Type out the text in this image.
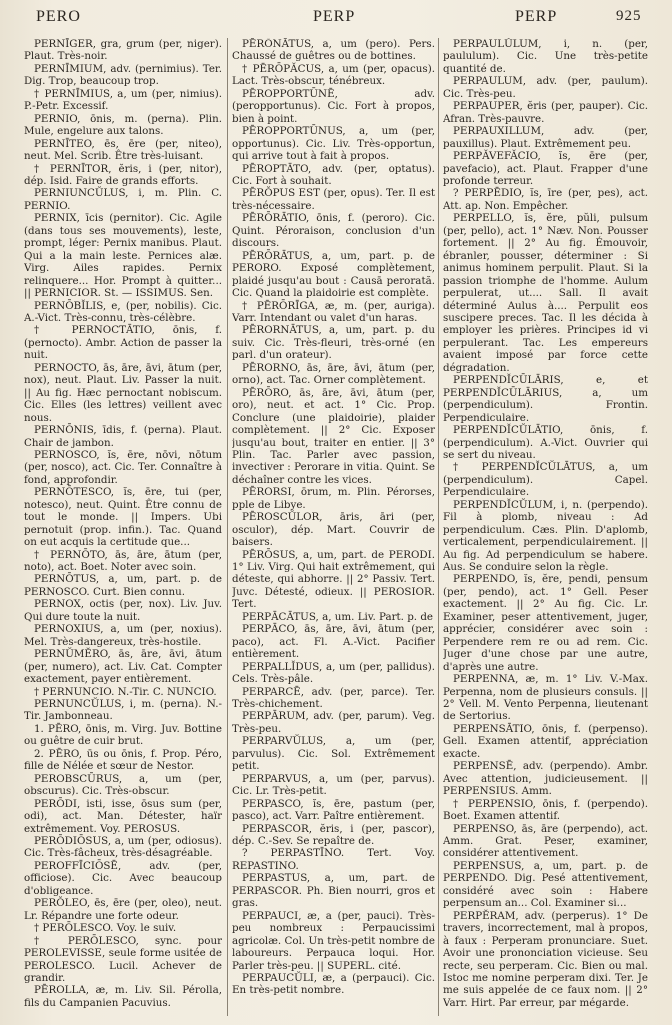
PERO	PERP	PERP	925

PERNĪGER, gra, grum (per, niger). Plaut. Très-noir.

PERNĪMIUM, adv. (pernimius). Ter. Dig. Trop, beaucoup trop.

† PERNĪMIUS, a, um (per, nimius). P.-Petr. Excessif.

PERNIO, ōnis, m. (perna). Plin. Mule, engelure aux talons.

PERNĪTEO, ēs, ēre (per, niteo), neut. Mel. Scrib. Être très-luisant.

† PERNĪTOR, ĕris, i (per, nitor), dép. Isid. Faire de grands efforts.

PERNIUNCŬLUS, i, m. Plin. C. PERNIO.

PERNIX, īcis (pernitor). Cic. Agile (dans tous ses mouvements), leste, prompt, léger: Pernix manibus. Plaut. Qui a la main leste. Pernices alæ. Virg. Ailes rapides. Pernix relinquere... Hor. Prompt à quitter... || PERNICIOR. St. — ISSIMUS. Sen.

PERNŌBĬLIS, e, (per, nobilis). Cic. A.-Vict. Très-connu, très-célèbre.

† PERNOCTĀTIO, ōnis, f. (pernocto). Ambr. Action de passer la nuit.

PERNOCTO, ās, āre, āvi, ātum (per, nox), neut. Plaut. Liv. Passer la nuit. || Au fig. Hæc pernoctant nobiscum. Cic. Elles (les lettres) veillent avec nous.

PERNŌNIS, īdis, f. (perna). Plaut. Chair de jambon.

PERNOSCO, ĭs, ēre, nōvi, nōtum (per, nosco), act. Cic. Ter. Connaître à fond, approfondir.

PERNŌTESCO, ĭs, ēre, tui (per, notesco), neut. Quint. Être connu de tout le monde. || Impers. Ubi pernotuit (prop. infin.). Tac. Quand on eut acquis la certitude que...

† PERNŌTO, ās, āre, ātum (per, noto), act. Boet. Noter avec soin.

PERNŌTUS, a, um, part. p. de PERNOSCO. Curt. Bien connu.

PERNOX, octis (per, nox). Liv. Juv. Qui dure toute la nuit.

PERNOXIUS, a, um (per, noxius). Mel. Très-dangereux, très-hostile.

PERNŬMĔRO, ās, āre, āvi, ātum (per, numero), act. Liv. Cat. Compter exactement, payer entièrement.

† PERNUNCIO. N.-Tir. C. NUNCIO.

PERNUNCŬLUS, i, m. (perna). N.-Tir. Jambonneau.

1. PĒRO, ōnis, m. Virg. Juv. Bottine ou guêtre de cuir brut.

2. PĒRO, ūs ou ōnis, f. Prop. Péro, fille de Nélée et sœur de Nestor.

PEROBSCŪRUS, a, um (per, obscurus). Cic. Très-obscur.

PERŌDI, isti, isse, ōsus sum (per, odi), act. Man. Détester, haïr extrêmement. Voy. PEROSUS.

PERŌDIŌSUS, a, um (per, odiosus). Cic. Très-fâcheux, très-désagréable.

PEROFFĪCIŌSĒ, adv. (per, officiose). Cic. Avec beaucoup d'obligeance.

PERŎLEO, ēs, ēre (per, oleo), neut. Lr. Répandre une forte odeur.

† PERŌLESCO. Voy. le suiv.

† PERŌLESCO, sync. pour PEROLEVISSE, seule forme usitée de PEROLESCO. Lucil. Achever de grandir.

PĒROLLA, æ, m. Liv. Sil. Pérolla, fils du Campanien Pacuvius.

PĒRŌNĀTUS, a, um (pero). Pers. Chaussé de guêtres ou de bottines.

† PĒRŌPĂCUS, a, um (per, opacus). Lact. Très-obscur, ténébreux.

PĒROPPORTŪNĒ, adv. (peropportunus). Cic. Fort à propos, bien à point.

PĒROPPORTŪNUS, a, um (per, opportunus). Cic. Liv. Très-opportun, qui arrive tout à fait à propos.

PĒROPTĀTO, adv. (per, optatus). Cic. Fort à souhait.

PĒRŎPUS EST (per, opus). Ter. Il est très-nécessaire.

PĒRŌRĀTIO, ōnis, f. (peroro). Cic. Quint. Péroraison, conclusion d'un discours.

PĒRŌRĀTUS, a, um, part. p. de PERORO. Exposé complètement, plaidé jusqu'au bout : Causā perorată. Cic. Quand la plaidoirie est complète.

† PĒRŌRĪGA, æ, m. (per, auriga). Varr. Intendant ou valet d'un haras.

PĒRORNĀTUS, a, um, part. p. du suiv. Cic. Très-fleuri, très-orné (en parl. d'un orateur).

PĒRORNO, ās, āre, āvi, ātum (per, orno), act. Tac. Orner complètement.

PĒRŌRO, ās, āre, āvi, ātum (per, oro), neut. et act. 1° Cic. Prop. Conclure (une plaidoirie), plaider complètement. || 2° Cic. Exposer jusqu'au bout, traiter en entier. || 3° Plin. Tac. Parler avec passion, invectiver : Perorare in vitia. Quint. Se déchaîner contre les vices.

PĒRORSI, ōrum, m. Plin. Pérorses, pple de Libye.

PĒROSCŬLOR, āris, āri (per, osculor), dép. Mart. Couvrir de baisers.

PĒRŌSUS, a, um, part. de PERODI. 1° Liv. Virg. Qui hait extrêmement, qui déteste, qui abhorre. || 2° Passiv. Tert. Juvc. Détesté, odieux. || PEROSIOR. Tert.

PERPĀCĀTUS, a, um. Liv. Part. p. de

PERPĀCO, ās, āre, āvi, ātum (per, paco), act. Fl. A.-Vict. Pacifier entièrement.

PERPALLĬDUS, a, um (per, pallidus). Cels. Très-pâle.

PERPARCĒ, adv. (per, parce). Ter. Très-chichement.

PERPĀRUM, adv. (per, parum). Veg. Très-peu.

PERPARVŬLUS, a, um (per, parvulus). Cic. Sol. Extrêmement petit.

PERPARVUS, a, um (per, parvus). Cic. Lr. Très-petit.

PERPASCO, ĭs, ēre, pastum (per, pasco), act. Varr. Paître entièrement.

PERPASCOR, ĕris, i (per, pascor), dép. C.-Sev. Se repaître de.

? PERPASTĪNO. Tert. Voy. REPASTINO.

PERPASTUS, a, um, part. de PERPASCOR. Ph. Bien nourri, gros et gras.

PERPAUCI, æ, a (per, pauci). Très-peu nombreux : Perpaucissimi agricolæ. Col. Un très-petit nombre de laboureurs. Perpauca loqui. Hor. Parler très-peu. || SUPERL. cité.

PERPAUCŬLI, æ, a (perpauci). Cic. En très-petit nombre.

PERPAULŬLUM, i, n. (per, paululum). Cic. Une très-petite quantité de.

PERPAULUM, adv. (per, paulum). Cic. Très-peu.

PERPAUPER, ĕris (per, pauper). Cic. Afran. Très-pauvre.

PERPAUXILLUM, adv. (per, pauxillus). Plaut. Extrêmement peu.

PERPĂVEFĂCIO, ĭs, ēre (per, pavefacio), act. Plaut. Frapper d'une profonde terreur.

? PERPĒDIO, ĭs, īre (per, pes), act. Att. ap. Non. Empêcher.

PERPELLO, ĭs, ĕre, pŭli, pulsum (per, pello), act. 1° Næv. Non. Pousser fortement. || 2° Au fig. Émouvoir, ébranler, pousser, déterminer : Si animus hominem perpulit. Plaut. Si la passion triomphe de l'homme. Aulum perpulerat, ut.... Sall. Il avait déterminé Aulus à.... Perpulit eos suscipere preces. Tac. Il les décida à employer les prières. Principes id vi perpulerant. Tac. Les empereurs avaient imposé par force cette dégradation.

PERPENDĬCŪLĀRIS, e, et PERPENDĬCŪLĀRIUS, a, um (perpendiculum). Frontin. Perpendiculaire.

PERPENDĬCŬLĀTIO, ōnis, f. (perpendiculum). A.-Vict. Ouvrier qui se sert du niveau.

† PERPENDĬCŬLĀTUS, a, um (perpendiculum). Capel. Perpendiculaire.

PERPENDĬCŬLUM, i, n. (perpendo). Fil à plomb, niveau : Ad perpendiculum. Cæs. Plin. D'aplomb, verticalement, perpendiculairement. || Au fig. Ad perpendiculum se habere. Aus. Se conduire selon la règle.

PERPENDO, ĭs, ĕre, pendi, pensum (per, pendo), act. 1° Gell. Peser exactement. || 2° Au fig. Cic. Lr. Examiner, peser attentivement, juger, apprécier, considérer avec soin : Perpendere rem re ou ad rem. Cic. Juger d'une chose par une autre, d'après une autre.

PERPENNA, æ, m. 1° Liv. V.-Max. Perpenna, nom de plusieurs consuls. || 2° Vell. M. Vento Perpenna, lieutenant de Sertorius.

PERPENSĀTIO, ōnis, f. (perpenso). Gell. Examen attentif, appréciation exacte.

PERPENSĒ, adv. (perpendo). Ambr. Avec attention, judicieusement. || PERPENSIUS. Amm.

† PERPENSIO, ōnis, f. (perpendo). Boet. Examen attentif.

PERPENSO, ās, āre (perpendo), act. Amm. Grat. Peser, examiner, considérer attentivement.

PERPENSUS, a, um, part. p. de PERPENDO. Dig. Pesé attentivement, considéré avec soin : Habere perpensum an... Col. Examiner si...

PERPĔRAM, adv. (perperus). 1° De travers, incorrectement, mal à propos, à faux : Perperam pronunciare. Suet. Avoir une prononciation vicieuse. Seu recte, seu perperam. Cic. Bien ou mal. Istoc me nomine perperam dixi. Ter. Je me suis appelée de ce faux nom. || 2° Varr. Hirt. Par erreur, par mégarde.
